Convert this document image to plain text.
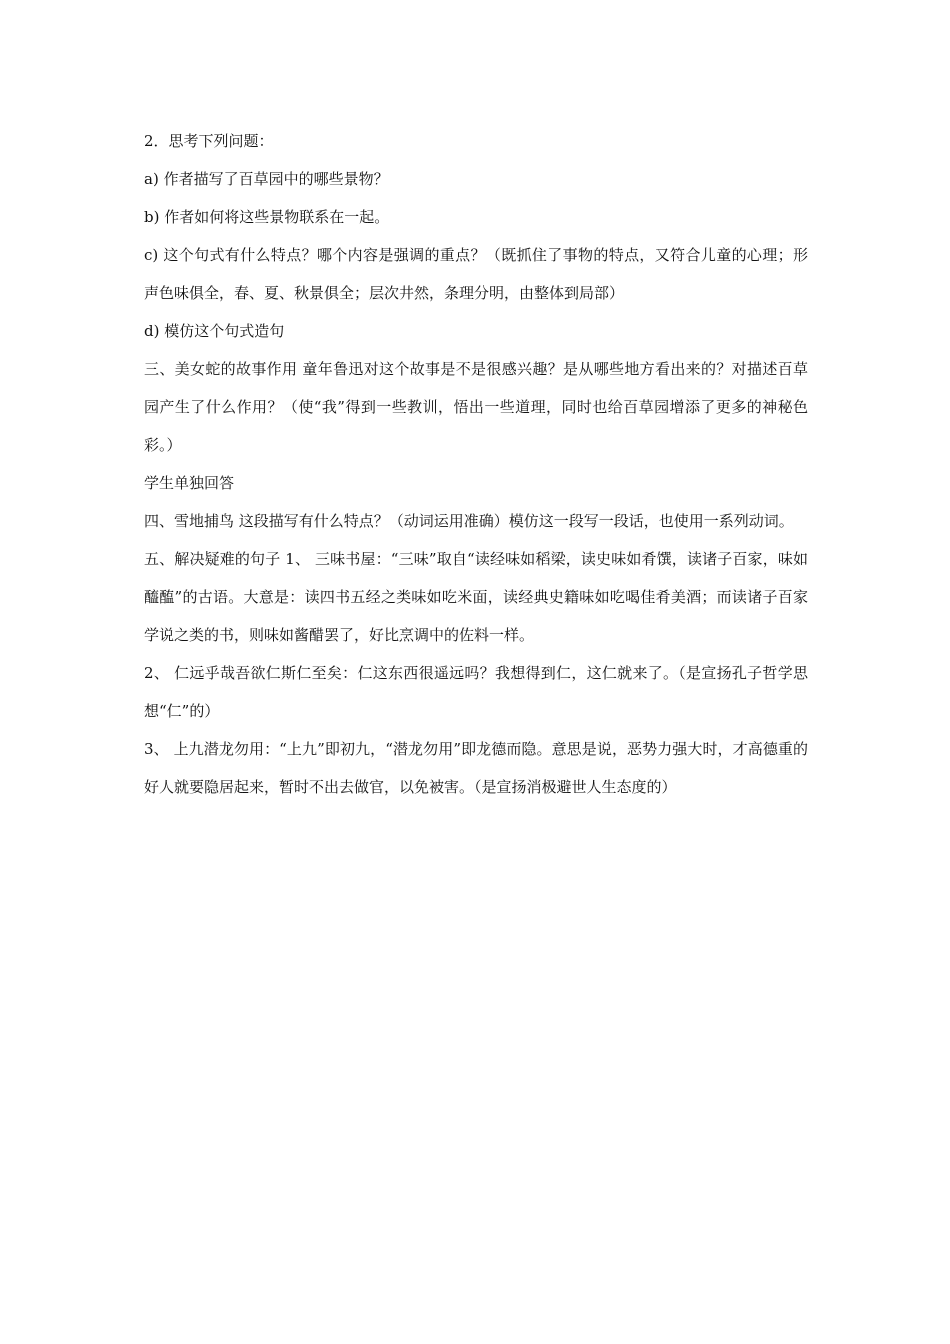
2．思考下列问题：

a) 作者描写了百草园中的哪些景物？

b) 作者如何将这些景物联系在一起。

c) 这个句式有什么特点？哪个内容是强调的重点？（既抓住了事物的特点，又符合儿童的心理；形声色味俱全，春、夏、秋景俱全；层次井然，条理分明，由整体到局部）

d) 模仿这个句式造句

三、美女蛇的故事作用 童年鲁迅对这个故事是不是很感兴趣？是从哪些地方看出来的？对描述百草园产生了什么作用？（使“我”得到一些教训，悟出一些道理，同时也给百草园增添了更多的神秘色彩。）

学生单独回答

四、雪地捕鸟 这段描写有什么特点？（动词运用准确）模仿这一段写一段话，也使用一系列动词。

五、解决疑难的句子 1、 三味书屋：“三味”取自“读经味如稻梁，读史味如肴馔，读诸子百家，味如醯醢”的古语。大意是：读四书五经之类味如吃米面，读经典史籍味如吃喝佳肴美酒；而读诸子百家学说之类的书，则味如酱醋罢了，好比烹调中的佐料一样。

2、 仁远乎哉吾欲仁斯仁至矣：仁这东西很遥远吗？我想得到仁，这仁就来了。（是宣扬孔子哲学思想“仁”的）

3、 上九潜龙勿用：“上九”即初九，“潜龙勿用”即龙德而隐。意思是说，恶势力强大时，才高德重的好人就要隐居起来，暂时不出去做官，以免被害。（是宣扬消极避世人生态度的）
